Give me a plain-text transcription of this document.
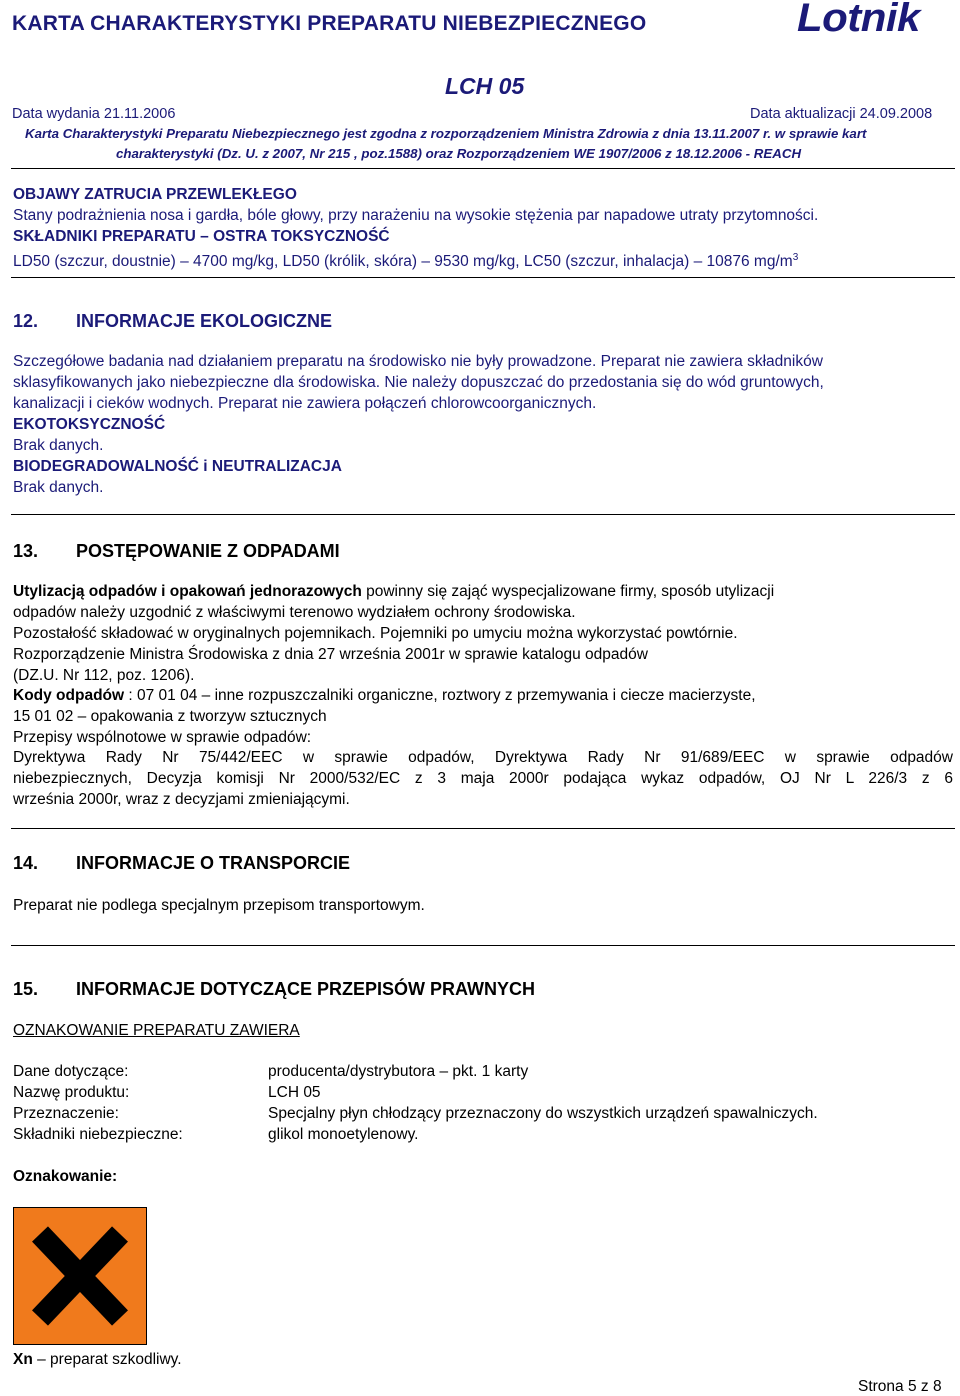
KARTA CHARAKTERYSTYKI PREPARATU NIEBEZPIECZNEGO	Lotnik
LCH 05
Data wydania 21.11.2006	Data aktualizacji 24.09.2008
Karta Charakterystyki Preparatu Niebezpiecznego jest zgodna z rozporządzeniem Ministra Zdrowia z dnia 13.11.2007 r. w sprawie kart
charakterystyki (Dz. U. z 2007, Nr 215 , poz.1588) oraz Rozporządzeniem WE 1907/2006 z 18.12.2006 - REACH
OBJAWY ZATRUCIA PRZEWLEKŁEGO
Stany podrażnienia nosa i gardła, bóle głowy, przy narażeniu na wysokie stężenia par napadowe utraty przytomności.
SKŁADNIKI PREPARATU – OSTRA TOKSYCZNOŚĆ
LD50 (szczur, doustnie) – 4700 mg/kg, LD50 (królik, skóra) – 9530 mg/kg, LC50 (szczur, inhalacja) – 10876 $mg/m^3$
12. INFORMACJE EKOLOGICZNE
Szczegółowe badania nad działaniem preparatu na środowisko nie były prowadzone. Preparat nie zawiera składników
sklasyfikowanych jako niebezpieczne dla środowiska. Nie należy dopuszczać do przedostania się do wód gruntowych,
kanalizacji i cieków wodnych. Preparat nie zawiera połączeń chlorowcoorganicznych.
EKOTOKSYCZNOŚĆ
Brak danych.
BIODEGRADOWALNOŚĆ i NEUTRALIZACJA
Brak danych.
13. POSTĘPOWANIE Z ODPADAMI
Utylizacją odpadów i opakowań jednorazowych powinny się zająć wyspecjalizowane firmy, sposób utylizacji
odpadów należy uzgodnić z właściwymi terenowo wydziałem ochrony środowiska.
Pozostałość składować w oryginalnych pojemnikach. Pojemniki po umyciu można wykorzystać powtórnie.
Rozporządzenie Ministra Środowiska z dnia 27 września 2001r w sprawie katalogu odpadów
(DZ.U. Nr 112, poz. 1206).
Kody odpadów : 07 01 04 – inne rozpuszczalniki organiczne, roztwory z przemywania i ciecze macierzyste,
15 01 02 – opakowania z tworzyw sztucznych
Przepisy wspólnotowe w sprawie odpadów:
Dyrektywa Rady Nr 75/442/EEC w sprawie odpadów, Dyrektywa Rady Nr 91/689/EEC w sprawie odpadów
niebezpiecznych, Decyzja komisji Nr 2000/532/EC z 3 maja 2000r podająca wykaz odpadów, OJ Nr L 226/3 z 6
września 2000r, wraz z decyzjami zmieniającymi.
14. INFORMACJE O TRANSPORCIE
Preparat nie podlega specjalnym przepisom transportowym.
15. INFORMACJE DOTYCZĄCE PRZEPISÓW PRAWNYCH
OZNAKOWANIE PREPARATU ZAWIERA
Dane dotyczące:	producenta/dystrybutora – pkt. 1 karty
Nazwę produktu:	LCH 05
Przeznaczenie:	Specjalny płyn chłodzący przeznaczony do wszystkich urządzeń spawalniczych.
Składniki niebezpieczne:	glikol monoetylenowy.
Oznakowanie:
Xn – preparat szkodliwy.
Strona 5 z 8
